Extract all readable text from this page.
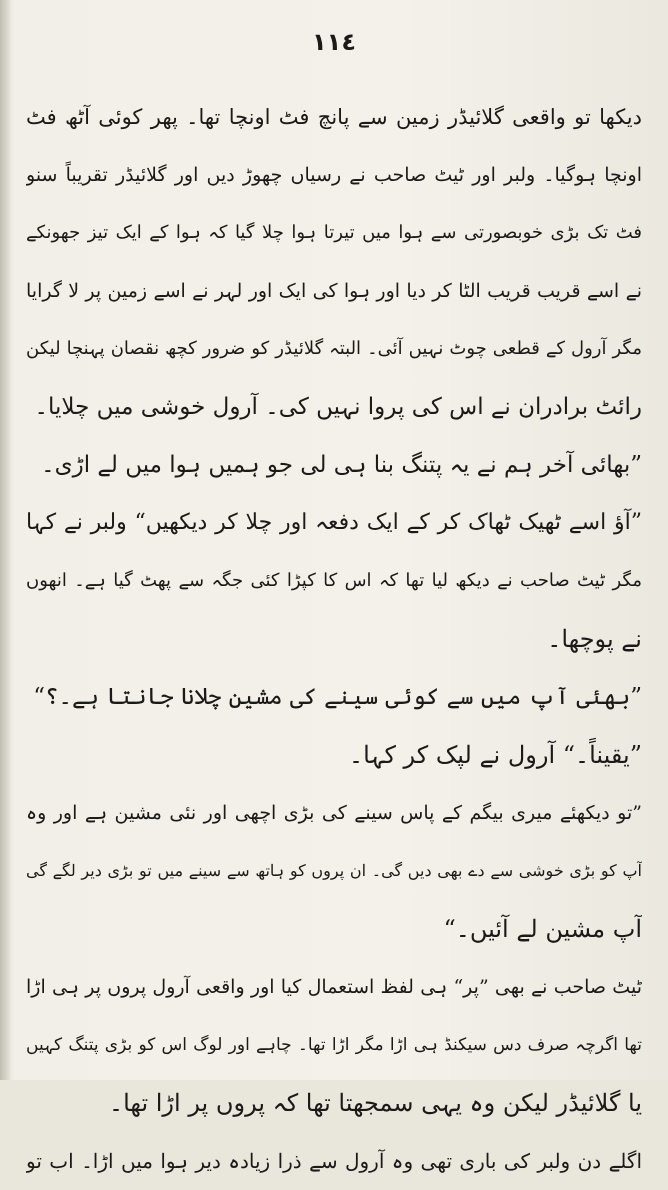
١١٤
دیکھا تو واقعی گلائیڈر زمین سے پانچ فٹ اونچا تھا۔ پھر کوئی آٹھ فٹ
اونچا ہوگیا۔ ولبر اور ٹیٹ صاحب نے رسیاں چھوڑ دیں اور گلائیڈر تقریباً سنو
فٹ تک بڑی خوبصورتی سے ہوا میں تیرتا ہوا چلا گیا کہ ہوا کے ایک تیز جھونکے
نے اسے قریب قریب الٹا کر دیا اور ہوا کی ایک اور لہر نے اسے زمین پر لا گرایا
مگر آرول کے قطعی چوٹ نہیں آئی۔ البتہ گلائیڈر کو ضرور کچھ نقصان پہنچا لیکن
رائٹ برادران نے اس کی پروا نہیں کی۔ آرول خوشی میں چلایا۔
”بھائی آخر ہم نے یہ پتنگ بنا ہی لی جو ہمیں ہوا میں لے اڑی۔
”آؤ اسے ٹھیک ٹھاک کر کے ایک دفعہ اور چلا کر دیکھیں“ ولبر نے کہا
مگر ٹیٹ صاحب نے دیکھ لیا تھا کہ اس کا کپڑا کئی جگہ سے پھٹ گیا ہے۔ انھوں
نے پوچھا۔
”بھئی آپ میں سے کوئی سینے کی مشین چلانا جانتا ہے۔؟“
”یقیناً۔“ آرول نے لپک کر کہا۔
”تو دیکھئے میری بیگم کے پاس سینے کی بڑی اچھی اور نئی مشین ہے اور وہ
آپ کو بڑی خوشی سے دے بھی دیں گی۔ ان پروں کو ہاتھ سے سینے میں تو بڑی دیر لگے گی
آپ مشین لے آئیں۔“
ٹیٹ صاحب نے بھی ”پر“ ہی لفظ استعمال کیا اور واقعی آرول پروں پر ہی اڑا
تھا اگرچہ صرف دس سیکنڈ ہی اڑا مگر اڑا تھا۔ چاہے اور لوگ اس کو بڑی پتنگ کہیں
یا گلائیڈر لیکن وہ یہی سمجھتا تھا کہ پروں پر اڑا تھا۔
اگلے دن ولبر کی باری تھی وہ آرول سے ذرا زیادہ دیر ہوا میں اڑا۔ اب تو
